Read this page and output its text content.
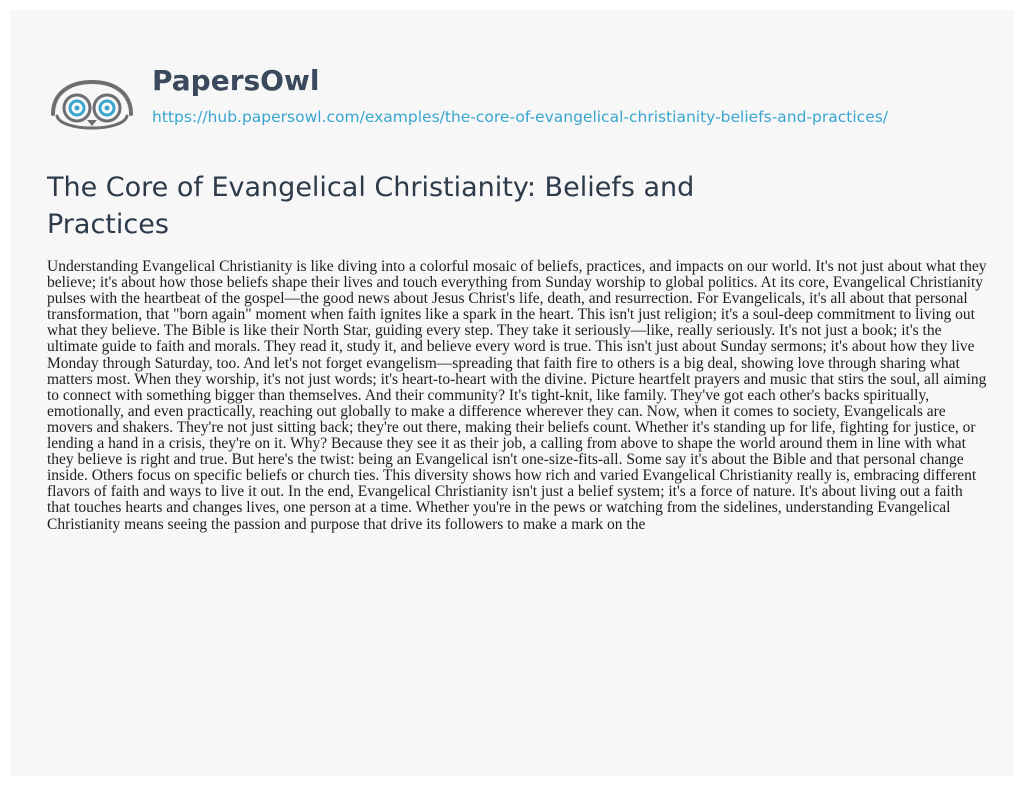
PapersOwl
https://hub.papersowl.com/examples/the-core-of-evangelical-christianity-beliefs-and-practices/
The Core of Evangelical Christianity: Beliefs and Practices

Understanding Evangelical Christianity is like diving into a colorful mosaic of beliefs, practices, and impacts on our world. It's not just about what they believe; it's about how those beliefs shape their lives and touch everything from Sunday worship to global politics. At its core, Evangelical Christianity pulses with the heartbeat of the gospel—the good news about Jesus Christ's life, death, and resurrection. For Evangelicals, it's all about that personal transformation, that "born again" moment when faith ignites like a spark in the heart. This isn't just religion; it's a soul-deep commitment to living out what they believe. The Bible is like their North Star, guiding every step. They take it seriously—like, really seriously. It's not just a book; it's the ultimate guide to faith and morals. They read it, study it, and believe every word is true. This isn't just about Sunday sermons; it's about how they live Monday through Saturday, too. And let's not forget evangelism—spreading that faith fire to others is a big deal, showing love through sharing what matters most. When they worship, it's not just words; it's heart-to-heart with the divine. Picture heartfelt prayers and music that stirs the soul, all aiming to connect with something bigger than themselves. And their community? It's tight-knit, like family. They've got each other's backs spiritually, emotionally, and even practically, reaching out globally to make a difference wherever they can. Now, when it comes to society, Evangelicals are movers and shakers. They're not just sitting back; they're out there, making their beliefs count. Whether it's standing up for life, fighting for justice, or lending a hand in a crisis, they're on it. Why? Because they see it as their job, a calling from above to shape the world around them in line with what they believe is right and true. But here's the twist: being an Evangelical isn't one-size-fits-all. Some say it's about the Bible and that personal change inside. Others focus on specific beliefs or church ties. This diversity shows how rich and varied Evangelical Christianity really is, embracing different flavors of faith and ways to live it out. In the end, Evangelical Christianity isn't just a belief system; it's a force of nature. It's about living out a faith that touches hearts and changes lives, one person at a time. Whether you're in the pews or watching from the sidelines, understanding Evangelical Christianity means seeing the passion and purpose that drive its followers to make a mark on the
